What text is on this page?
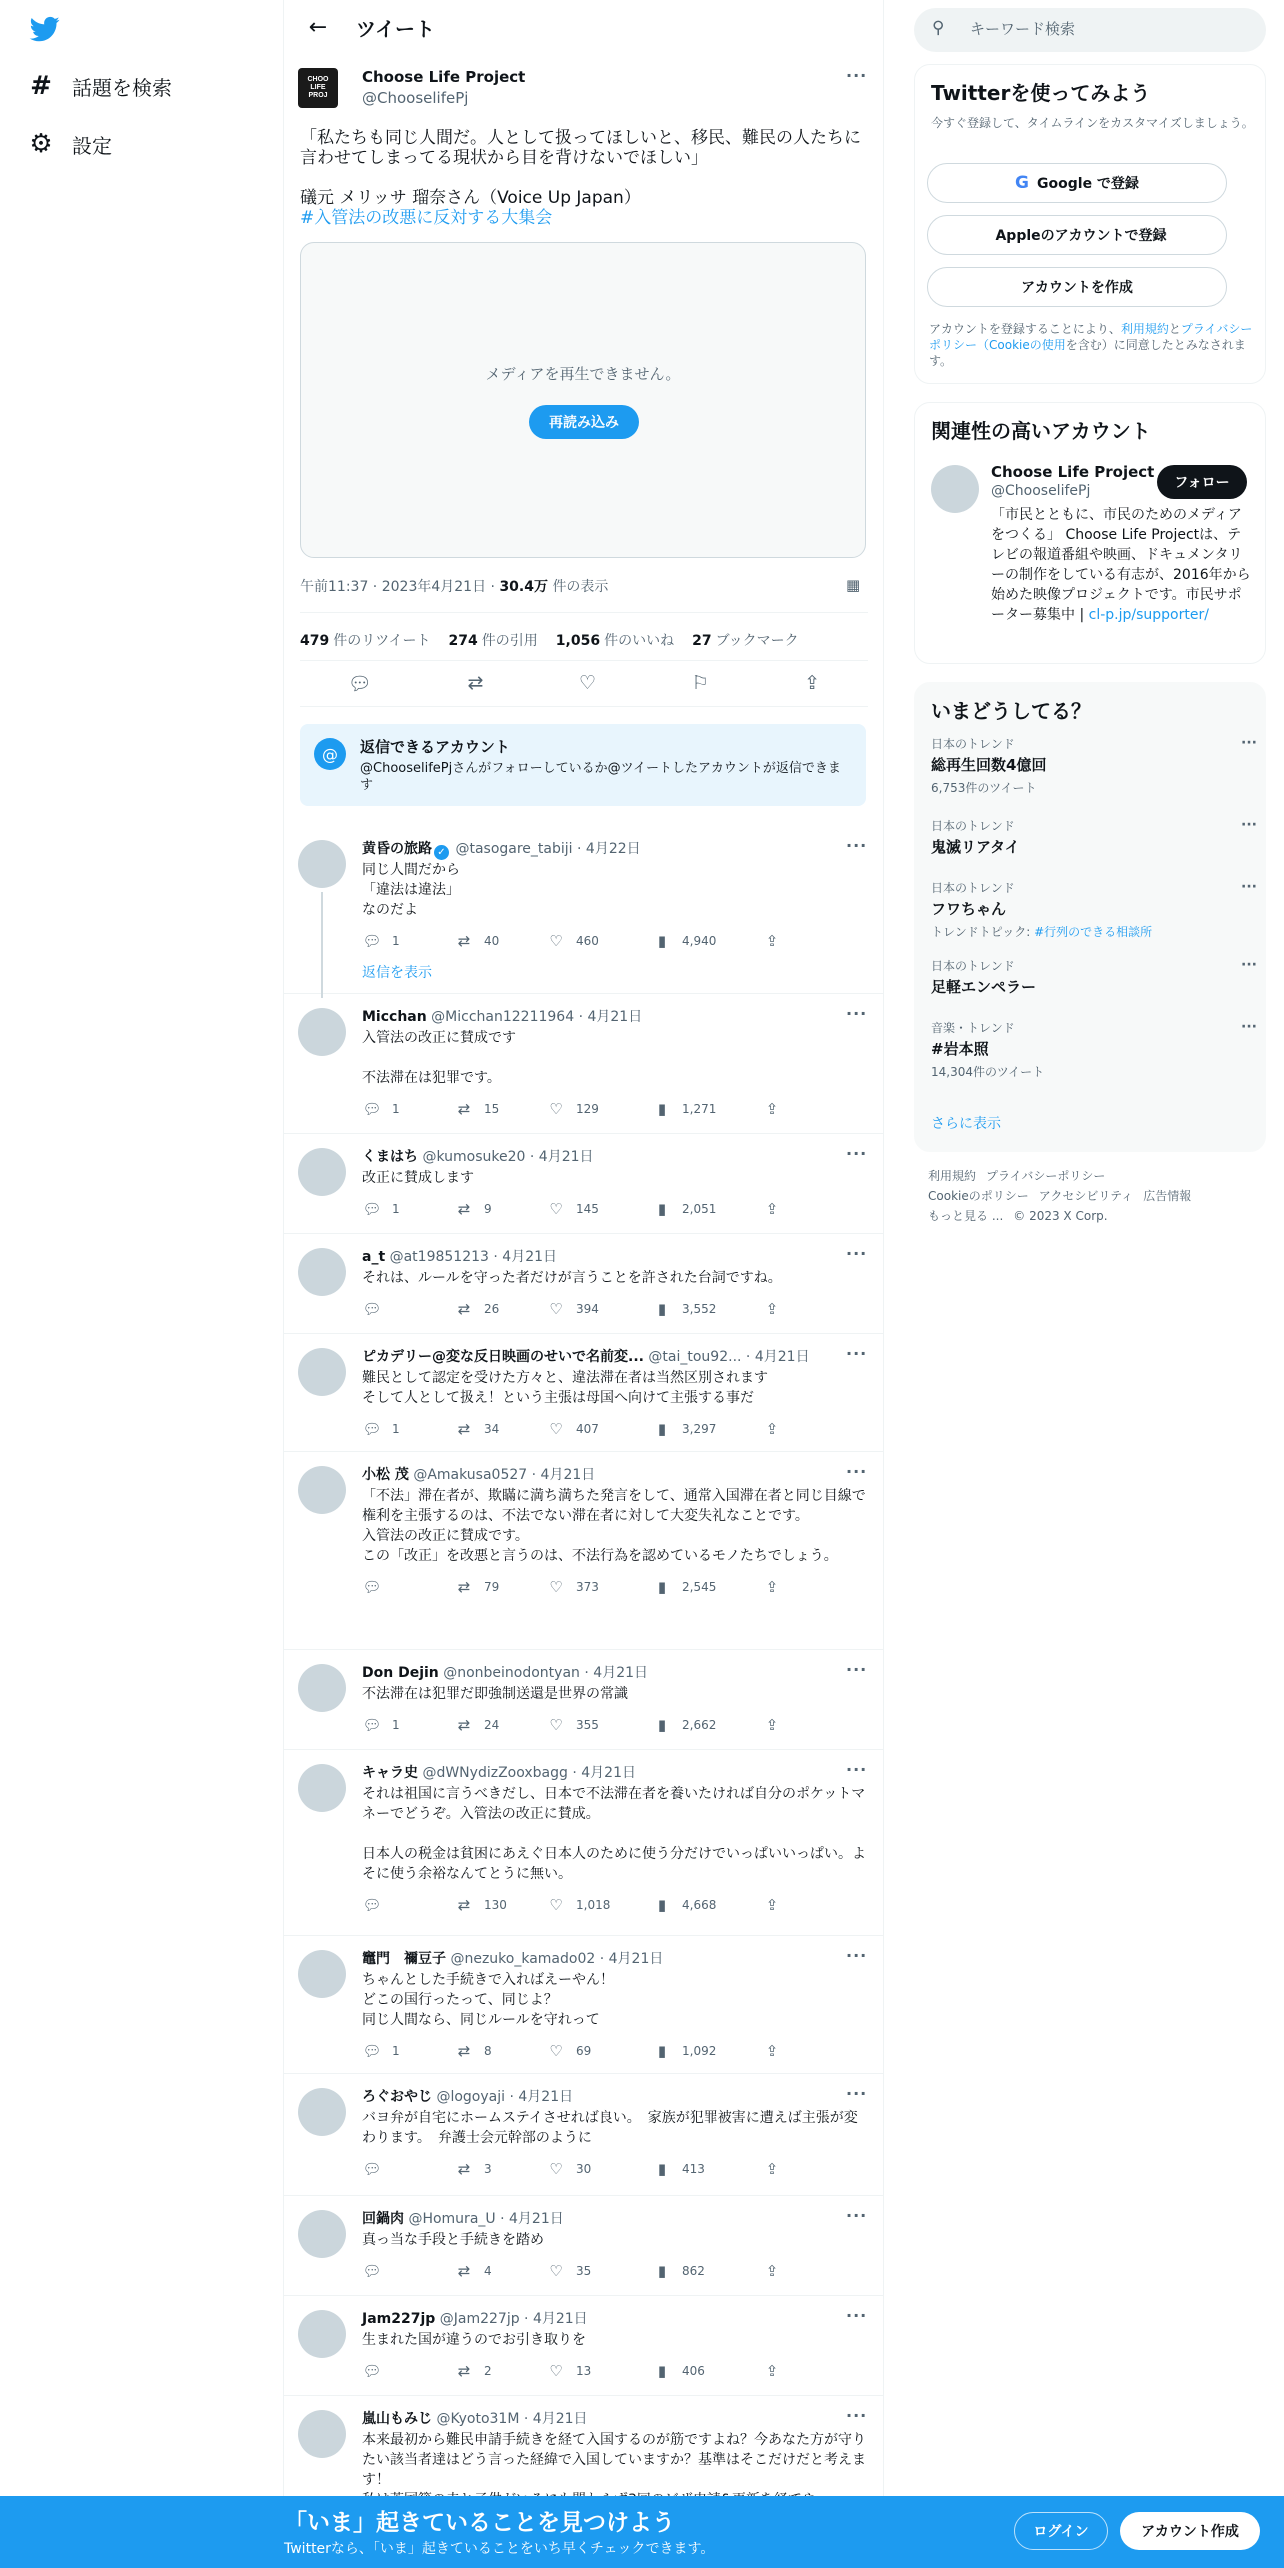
# 話題を検索
⚙ 設定
←	ツイート
CHOO
LIFE
PROJ
Choose Life Project
@ChooselifePj
···

「私たちも同じ人間だ。人として扱ってほしいと、移民、難民の人たちに言わせてしまってる現状から目を背けないでほしい」

礒元 メリッサ 瑠奈さん（Voice Up Japan）
#入管法の改悪に反対する大集会
メディアを再生できません。
再読み込み
午前11:37 · 2023年4月21日 · 30.4万 件の表示	▦
479 件のリツイート 274 件の引用 1,056 件のいいね 27 ブックマーク
💬︎	⇄	♡	⚐	⇪
@	返信できるアカウント
@ChooselifePjさんがフォローしているか@ツイートしたアカウントが返信できます
黄昏の旅路 ✓ @tasogare_tabiji · 4月22日	···
同じ人間だから
「違法は違法」
なのだよ
💬︎ 1	⇄	40	♡ 460	▮	4,940	⇪
返信を表示
Micchan @Micchan12211964 · 4月21日	···
入管法の改正に賛成です
不法滞在は犯罪です。
💬︎ 1	⇄	15	♡ 129	▮	1,271	⇪
くまはち @kumosuke20 · 4月21日	···
改正に賛成します
💬︎ 1	⇄	9	♡ 145	▮	2,051	⇪
a_t @at19851213 · 4月21日	···
それは、ルールを守った者だけが言うことを許された台詞ですね。
💬︎	⇄	26	♡ 394	▮	3,552	⇪
ピカデリー@変な反日映画のせいで名前変... @tai_tou92... · 4月21日 ···
難民として認定を受けた方々と、違法滞在者は当然区別されます
そして人として扱え！という主張は母国へ向けて主張する事だ
💬︎ 1	⇄	34	♡ 407	▮	3,297	⇪
小松 茂 @Amakusa0527 · 4月21日	···
「不法」滞在者が、欺瞞に満ち満ちた発言をして、通常入国滞在者と同じ目線で権利を主張するのは、不法でない滞在者に対して大変失礼なことです。
入管法の改正に賛成です。
この「改正」を改悪と言うのは、不法行為を認めているモノたちでしょう。
💬︎	⇄	79	♡ 373	▮	2,545	⇪
Don Dejin @nonbeinodontyan · 4月21日	···
不法滞在は犯罪だ即強制送還是世界の常識
💬︎ 1	⇄	24	♡ 355	▮	2,662	⇪
キャラ史 @dWNydizZooxbagg · 4月21日	···
それは祖国に言うべきだし、日本で不法滞在者を養いたければ自分のポケットマネーでどうぞ。入管法の改正に賛成。
日本人の税金は貧困にあえぐ日本人のために使う分だけでいっぱいいっぱい。よそに使う余裕なんてとうに無い。
💬︎	⇄	130	♡ 1,018	▮	4,668	⇪
竈門　禰豆子 @nezuko_kamado02 · 4月21日	···
ちゃんとした手続きで入ればえーやん！
どこの国行ったって、同じよ？
同じ人間なら、同じルールを守れって
💬︎ 1	⇄	8	♡ 69	▮	1,092	⇪
ろぐおやじ @logoyaji · 4月21日	···
バヨ弁が自宅にホームステイさせれば良い。　家族が犯罪被害に遭えば主張が変わります。　弁護士会元幹部のように
💬︎	⇄	3	♡ 30	▮	413	⇪
回鍋肉 @Homura_U · 4月21日	···
真っ当な手段と手続きを踏め
💬︎	⇄	4	♡ 35	▮	862	⇪
Jam227jp @Jam227jp · 4月21日	···
生まれた国が違うのでお引き取りを
💬︎	⇄	2	♡ 13	▮	406	⇪
嵐山もみじ @Kyoto31M · 4月21日	···
本来最初から難民申請手続きを経て入国するのが筋ですよね？今あなた方が守りたい該当者達はどう言った経緯で入国していますか？基準はそこだけだと考えます！
⚲
キーワード検索
Twitterを使ってみよう
今すぐ登録して、タイムラインをカスタマイズしましょう。
G Google で登録
Appleのアカウントで登録
アカウントを作成
アカウントを登録することにより、利用規約とプライバシーポリシー（Cookieの使用を含む）に同意したとみなされます。
関連性の高いアカウント
Choose Life Project
@ChooselifePj	フォロー
「市民とともに、市民のためのメディアをつくる」 Choose Life Projectは、テレビの報道番組や映画、ドキュメンタリーの制作をしている有志が、2016年から始めた映像プロジェクトです。市民サポーター募集中 | cl-p.jp/supporter/
いまどうしてる？
日本のトレンド
総再生回数4億回
6,753件のツイート
···
日本のトレンド
鬼滅リアタイ
···
日本のトレンド
フワちゃん
トレンドトピック: #行列のできる相談所
···
日本のトレンド
足軽エンペラー
···
音楽・トレンド
#岩本照
14,304件のツイート
···
さらに表示
利用規約 プライバシーポリシー
Cookieのポリシー アクセシビリティ 広告情報
もっと見る ... © 2023 X Corp.
「いま」起きていることを見つけよう
Twitterなら、「いま」起きていることをいち早くチェックできます。
ログイン	アカウント作成
